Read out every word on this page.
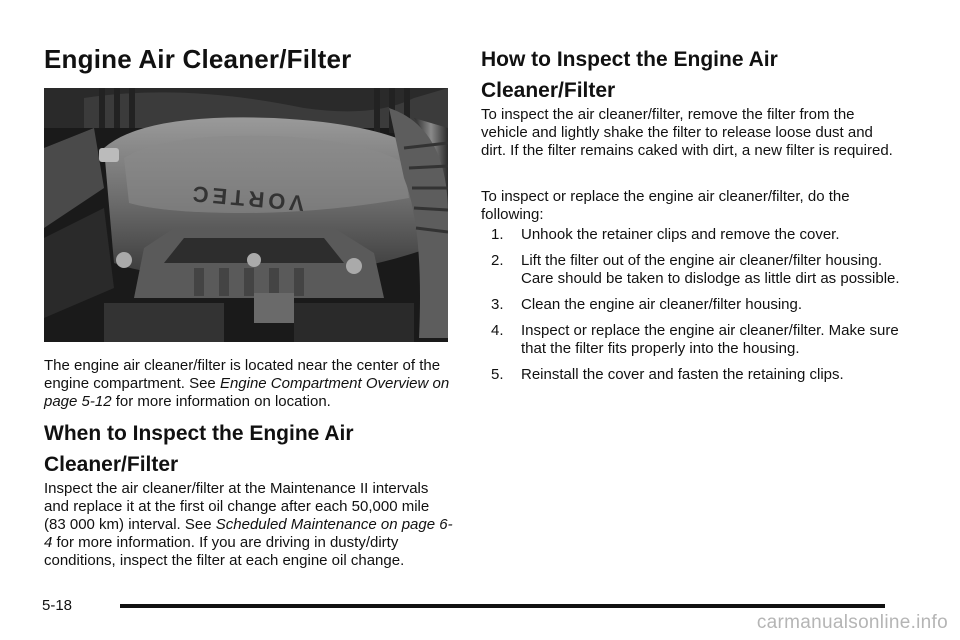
Engine Air Cleaner/Filter
VORTEC

The engine air cleaner/filter is located near the center of the engine compartment. See Engine Compartment Overview on page 5-12 for more information on location.

When to Inspect the Engine Air Cleaner/Filter

Inspect the air cleaner/filter at the Maintenance II intervals and replace it at the first oil change after each 50,000 mile (83 000 km) interval. See Scheduled Maintenance on page 6-4 for more information. If you are driving in dusty/dirty conditions, inspect the filter at each engine oil change.

How to Inspect the Engine Air Cleaner/Filter

To inspect the air cleaner/filter, remove the filter from the vehicle and lightly shake the filter to release loose dust and dirt. If the filter remains caked with dirt, a new filter is required.

To inspect or replace the engine air cleaner/filter, do the following:

1.	Unhook the retainer clips and remove the cover.
2.	Lift the filter out of the engine air cleaner/filter housing. Care should be taken to dislodge as little dirt as possible.
3.	Clean the engine air cleaner/filter housing.
4.	Inspect or replace the engine air cleaner/filter. Make sure that the filter fits properly into the housing.
5.	Reinstall the cover and fasten the retaining clips.
5-18
carmanualsonline.info
